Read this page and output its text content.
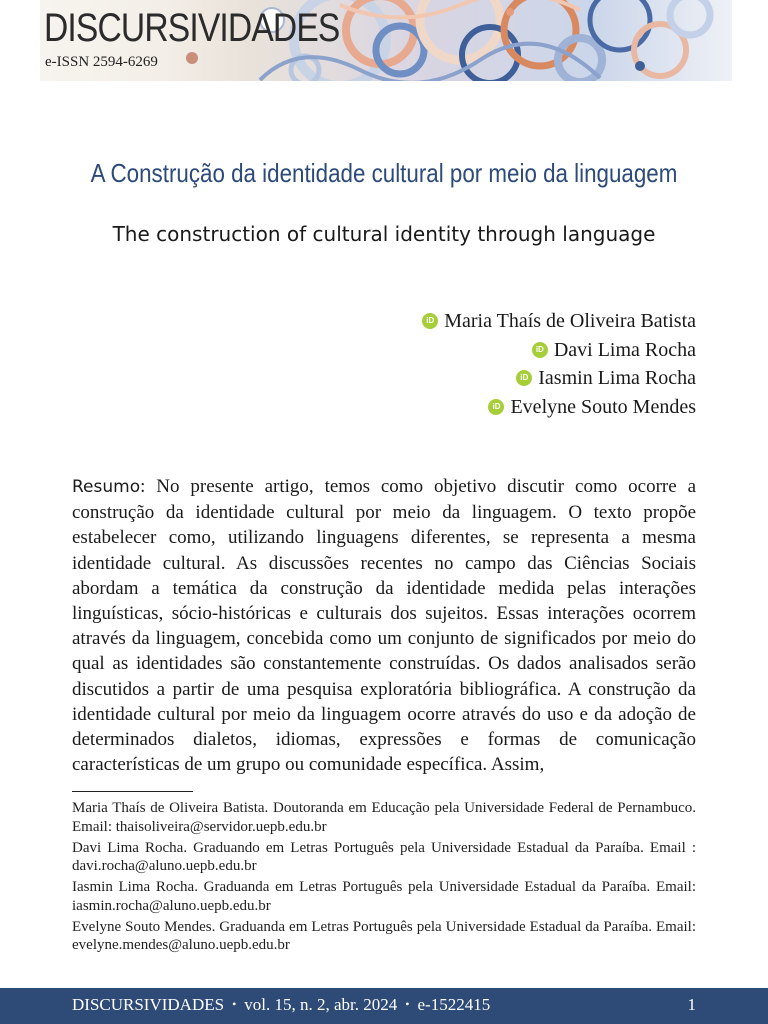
DISCURSIVIDADES
e-ISSN 2594-6269
A Construção da identidade cultural por meio da linguagem
The construction of cultural identity through language
iD Maria Thaís de Oliveira Batista
iD Davi Lima Rocha
iD Iasmin Lima Rocha
iD Evelyne Souto Mendes
Resumo: No presente artigo, temos como objetivo discutir como ocorre a construção da identidade cultural por meio da linguagem. O texto propõe estabelecer como, utilizando linguagens diferentes, se representa a mesma identidade cultural. As discussões recentes no campo das Ciências Sociais abordam a temática da construção da identidade medida pelas interações linguísticas, sócio-históricas e culturais dos sujeitos. Essas interações ocorrem através da linguagem, concebida como um conjunto de significados por meio do qual as identidades são constantemente construídas. Os dados analisados serão discutidos a partir de uma pesquisa exploratória bibliográfica. A construção da identidade cultural por meio da linguagem ocorre através do uso e da adoção de determinados dialetos, idiomas, expressões e formas de comunicação características de um grupo ou comunidade específica. Assim,
Maria Thaís de Oliveira Batista. Doutoranda em Educação pela Universidade Federal de Pernambuco. Email: thaisoliveira@servidor.uepb.edu.br
Davi Lima Rocha. Graduando em Letras Português pela Universidade Estadual da Paraíba. Email : davi.rocha@aluno.uepb.edu.br
Iasmin Lima Rocha. Graduanda em Letras Português pela Universidade Estadual da Paraíba. Email: iasmin.rocha@aluno.uepb.edu.br
Evelyne Souto Mendes. Graduanda em Letras Português pela Universidade Estadual da Paraíba. Email: evelyne.mendes@aluno.uepb.edu.br
DISCURSIVIDADES • vol. 15, n. 2, abr. 2024 • e-1522415	1
